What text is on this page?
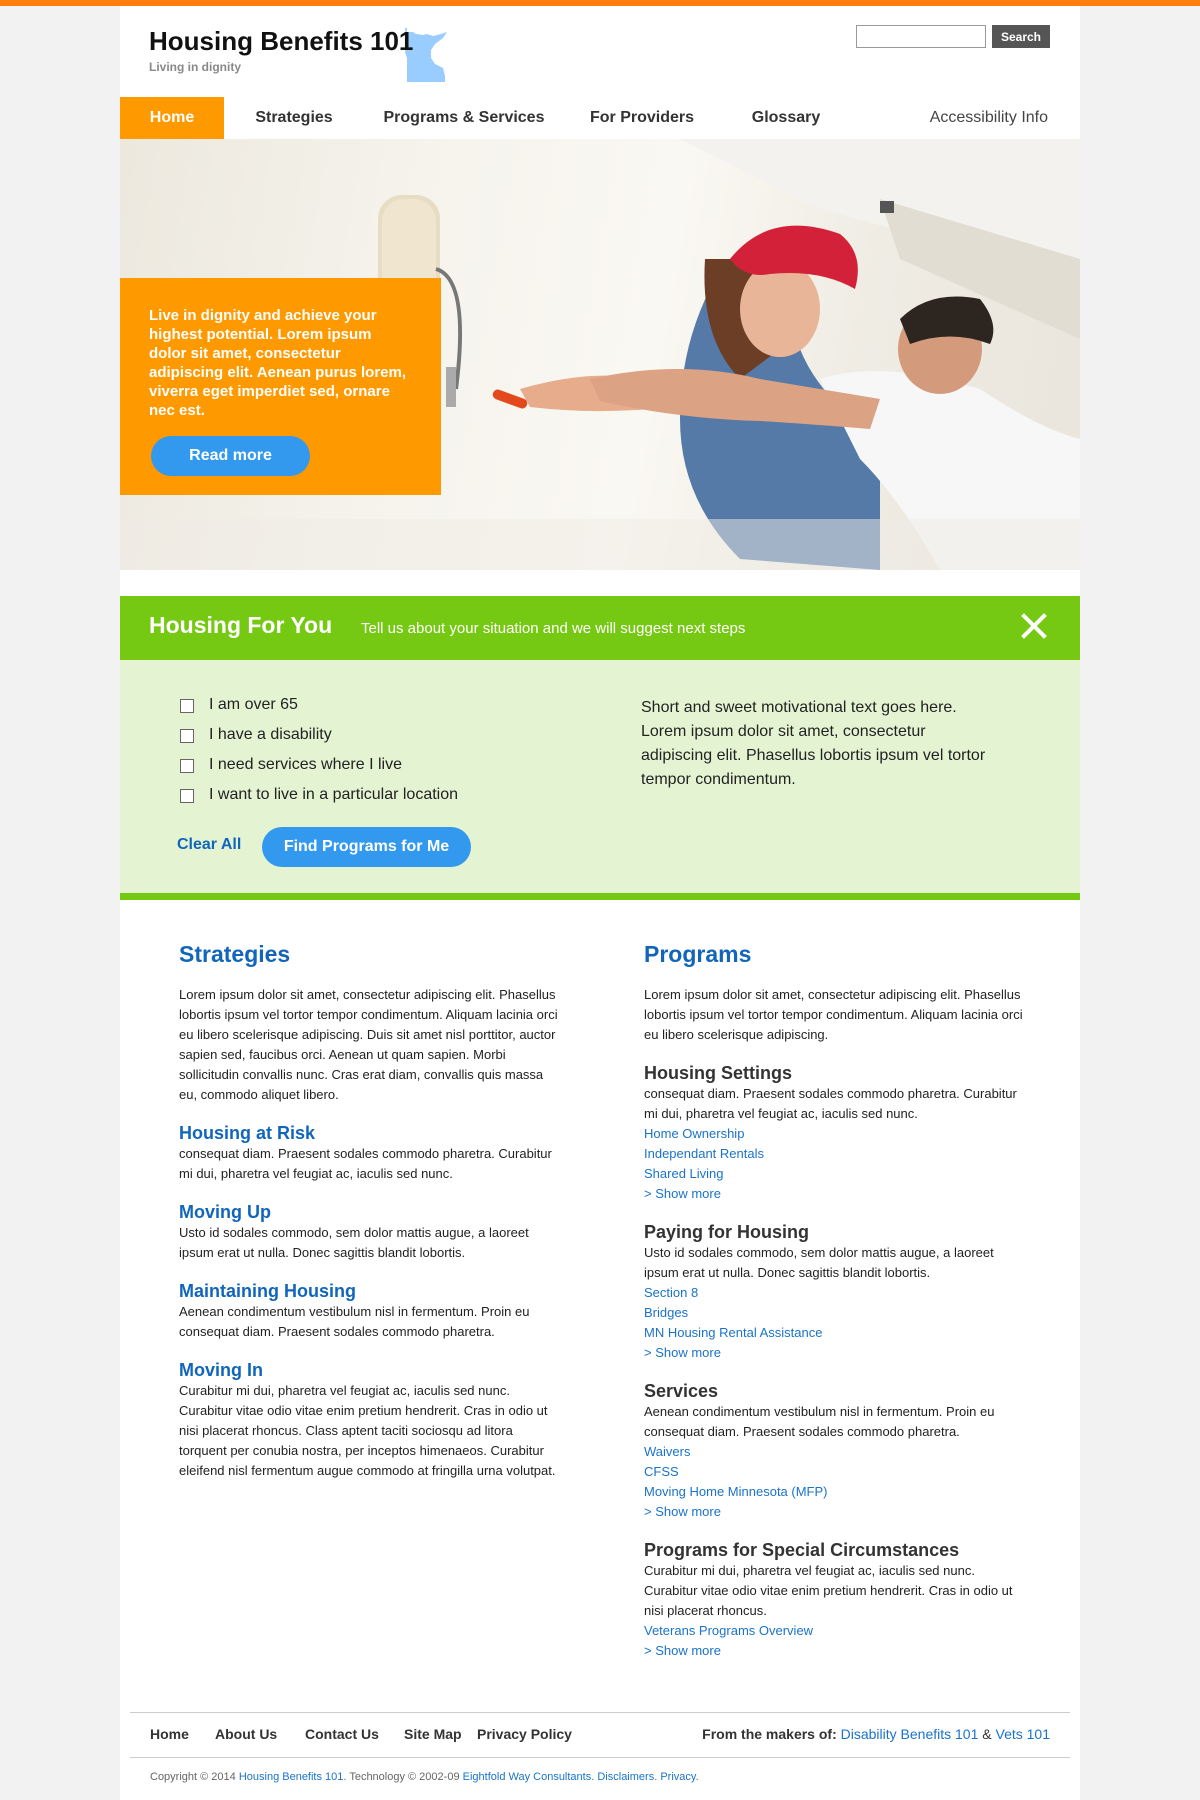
Housing Benefits 101
Living in dignity
Search
Home	Strategies	Programs & Services	For Providers	Glossary	Accessibility Info
Live in dignity and achieve your highest potential. Lorem ipsum dolor sit amet, consectetur adipiscing elit. Aenean purus lorem, viverra eget imperdiet sed, ornare nec est.
Read more
Housing For You Tell us about your situation and we will suggest next steps
I am over 65
I have a disability
I need services where I live
I want to live in a particular location
Clear All	Find Programs for Me
Short and sweet motivational text goes here. Lorem ipsum dolor sit amet, consectetur adipiscing elit. Phasellus lobortis ipsum vel tortor tempor condimentum.
Strategies

Lorem ipsum dolor sit amet, consectetur adipiscing elit. Phasellus lobortis ipsum vel tortor tempor condimentum. Aliquam lacinia orci eu libero scelerisque adipiscing. Duis sit amet nisl porttitor, auctor sapien sed, faucibus orci. Aenean ut quam sapien. Morbi sollicitudin convallis nunc. Cras erat diam, convallis quis massa eu, commodo aliquet libero.

Housing at Risk

consequat diam. Praesent sodales commodo pharetra. Curabitur mi dui, pharetra vel feugiat ac, iaculis sed nunc.

Moving Up

Usto id sodales commodo, sem dolor mattis augue, a laoreet ipsum erat ut nulla. Donec sagittis blandit lobortis.

Maintaining Housing

Aenean condimentum vestibulum nisl in fermentum. Proin eu consequat diam. Praesent sodales commodo pharetra.

Moving In

Curabitur mi dui, pharetra vel feugiat ac, iaculis sed nunc. Curabitur vitae odio vitae enim pretium hendrerit. Cras in odio ut nisi placerat rhoncus. Class aptent taciti sociosqu ad litora torquent per conubia nostra, per inceptos himenaeos. Curabitur eleifend nisl fermentum augue commodo at fringilla urna volutpat.

Programs

Lorem ipsum dolor sit amet, consectetur adipiscing elit. Phasellus lobortis ipsum vel tortor tempor condimentum. Aliquam lacinia orci eu libero scelerisque adipiscing.

Housing Settings

consequat diam. Praesent sodales commodo pharetra. Curabitur mi dui, pharetra vel feugiat ac, iaculis sed nunc.

Home Ownership
Independant Rentals
Shared Living
> Show more
Paying for Housing

Usto id sodales commodo, sem dolor mattis augue, a laoreet ipsum erat ut nulla. Donec sagittis blandit lobortis.

Section 8
Bridges
MN Housing Rental Assistance
> Show more
Services

Aenean condimentum vestibulum nisl in fermentum. Proin eu consequat diam. Praesent sodales commodo pharetra.

Waivers
CFSS
Moving Home Minnesota (MFP)
> Show more
Programs for Special Circumstances

Curabitur mi dui, pharetra vel feugiat ac, iaculis sed nunc. Curabitur vitae odio vitae enim pretium hendrerit. Cras in odio ut nisi placerat rhoncus.

Veterans Programs Overview
> Show more
Home About Us Contact Us Site Map Privacy Policy	From the makers of: Disability Benefits 101 & Vets 101
Copyright © 2014 Housing Benefits 101. Technology © 2002-09 Eightfold Way Consultants. Disclaimers. Privacy.
